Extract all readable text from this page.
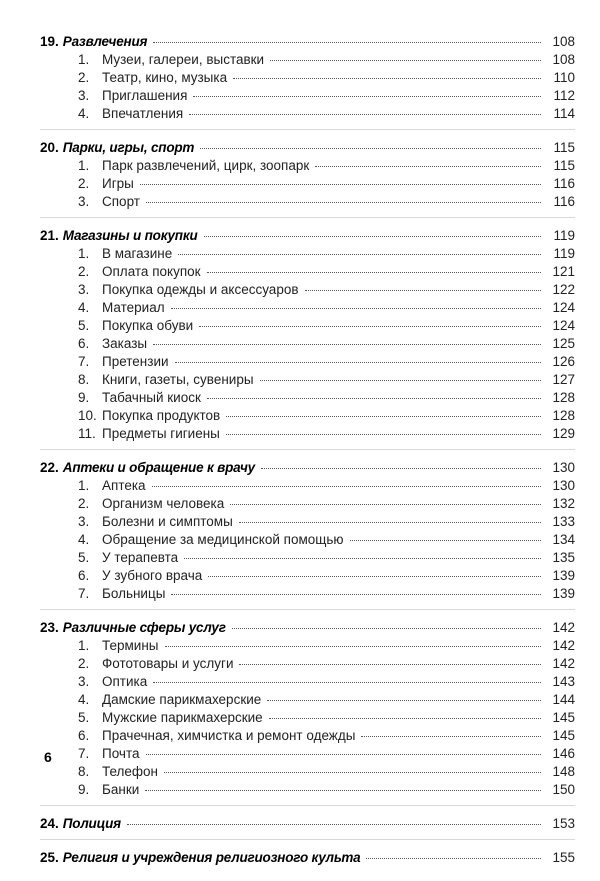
19. Развлечения	108
1. Музеи, галереи, выставки	108
2. Театр, кино, музыка	110
3. Приглашения	112
4. Впечатления	114
20. Парки, игры, спорт	115
1. Парк развлечений, цирк, зоопарк	115
2. Игры	116
3. Спорт	116
21. Магазины и покупки	119
1. В магазине	119
2. Оплата покупок	121
3. Покупка одежды и аксессуаров	122
4. Материал	124
5. Покупка обуви	124
6. Заказы	125
7. Претензии	126
8. Книги, газеты, сувениры	127
9. Табачный киоск	128
10. Покупка продуктов	128
11. Предметы гигиены	129
22. Аптеки и обращение к врачу	130
1. Аптека	130
2. Организм человека	132
3. Болезни и симптомы	133
4. Обращение за медицинской помощью	134
5. У терапевта	135
6. У зубного врача	139
7. Больницы	139
23. Различные сферы услуг	142
1. Термины	142
2. Фототовары и услуги	142
3. Оптика	143
4. Дамские парикмахерские	144
5. Мужские парикмахерские	145
6. Прачечная, химчистка и ремонт одежды	145
7. Почта	146
8. Телефон	148
9. Банки	150
24. Полиция	153
25. Религия и учреждения религиозного культа	155
6
